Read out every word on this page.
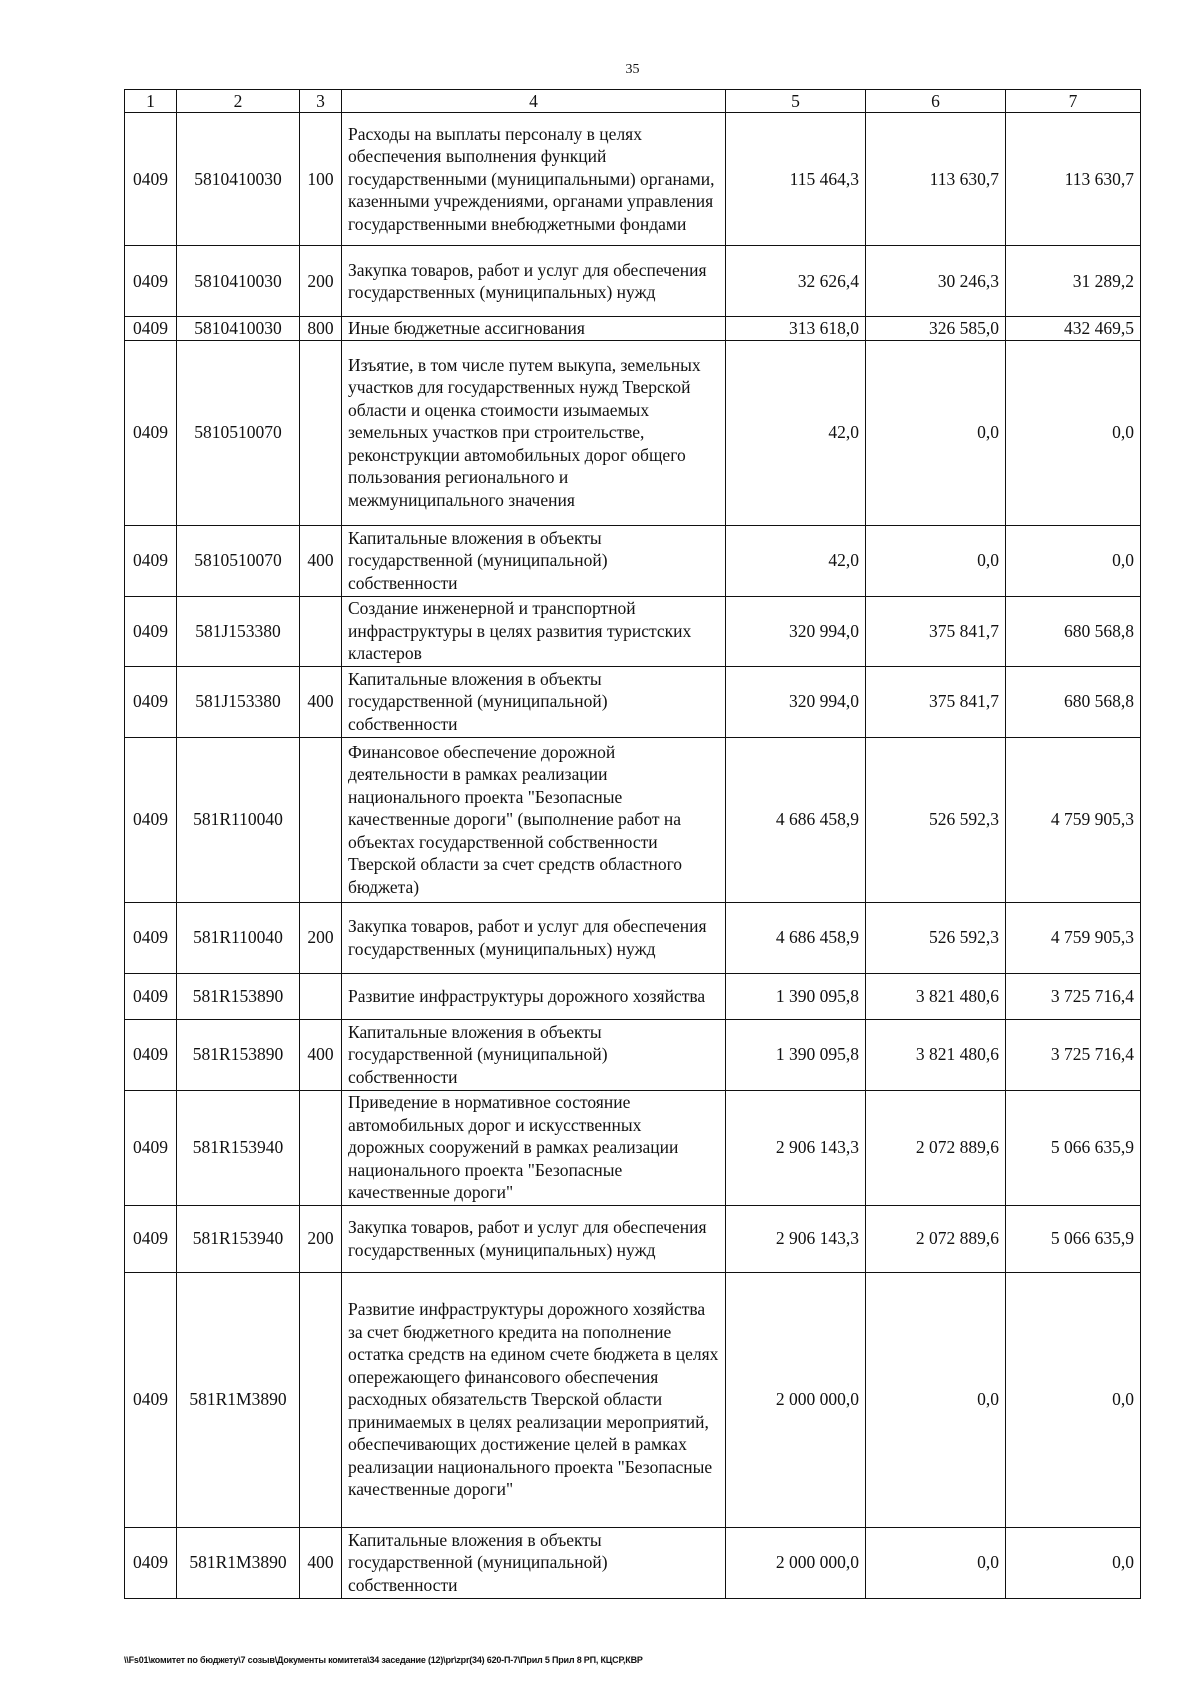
35
1	2	3	4	5	6	7
0409	5810410030	100	Расходы на выплаты персоналу в целях обеспечения выполнения функций государственными (муниципальными) органами, казенными учреждениями, органами управления государственными внебюджетными фондами	115 464,3	113 630,7	113 630,7
0409	5810410030	200	Закупка товаров, работ и услуг для обеспечения государственных (муниципальных) нужд	32 626,4	30 246,3	31 289,2
0409	5810410030	800	Иные бюджетные ассигнования	313 618,0	326 585,0	432 469,5
0409	5810510070		Изъятие, в том числе путем выкупа, земельных участков для государственных нужд Тверской области и оценка стоимости изымаемых земельных участков при строительстве, реконструкции автомобильных дорог общего пользования регионального и межмуниципального значения	42,0	0,0	0,0
0409	5810510070	400	Капитальные вложения в объекты государственной (муниципальной) собственности	42,0	0,0	0,0
0409	581J153380		Создание инженерной и транспортной инфраструктуры в целях развития туристских кластеров	320 994,0	375 841,7	680 568,8
0409	581J153380	400	Капитальные вложения в объекты государственной (муниципальной) собственности	320 994,0	375 841,7	680 568,8
0409	581R110040		Финансовое обеспечение дорожной деятельности в рамках реализации национального проекта "Безопасные качественные дороги" (выполнение работ на объектах государственной собственности Тверской области за счет средств областного бюджета)	4 686 458,9	526 592,3	4 759 905,3
0409	581R110040	200	Закупка товаров, работ и услуг для обеспечения государственных (муниципальных) нужд	4 686 458,9	526 592,3	4 759 905,3
0409	581R153890		Развитие инфраструктуры дорожного хозяйства	1 390 095,8	3 821 480,6	3 725 716,4
0409	581R153890	400	Капитальные вложения в объекты государственной (муниципальной) собственности	1 390 095,8	3 821 480,6	3 725 716,4
0409	581R153940		Приведение в нормативное состояние автомобильных дорог и искусственных дорожных сооружений в рамках реализации национального проекта "Безопасные качественные дороги"	2 906 143,3	2 072 889,6	5 066 635,9
0409	581R153940	200	Закупка товаров, работ и услуг для обеспечения государственных (муниципальных) нужд	2 906 143,3	2 072 889,6	5 066 635,9
0409	581R1M3890		Развитие инфраструктуры дорожного хозяйства за счет бюджетного кредита на пополнение остатка средств на едином счете бюджета в целях опережающего финансового обеспечения расходных обязательств Тверской области принимаемых в целях реализации мероприятий, обеспечивающих достижение целей в рамках реализации национального проекта "Безопасные качественные дороги"	2 000 000,0	0,0	0,0
0409	581R1M3890	400	Капитальные вложения в объекты государственной (муниципальной) собственности	2 000 000,0	0,0	0,0
\\Fs01\комитет по бюджету\7 созыв\Документы комитета\34 заседание (12)\pr\zpr(34) 620-П-7\Прил 5 Прил 8 РП, КЦСР,КВР
